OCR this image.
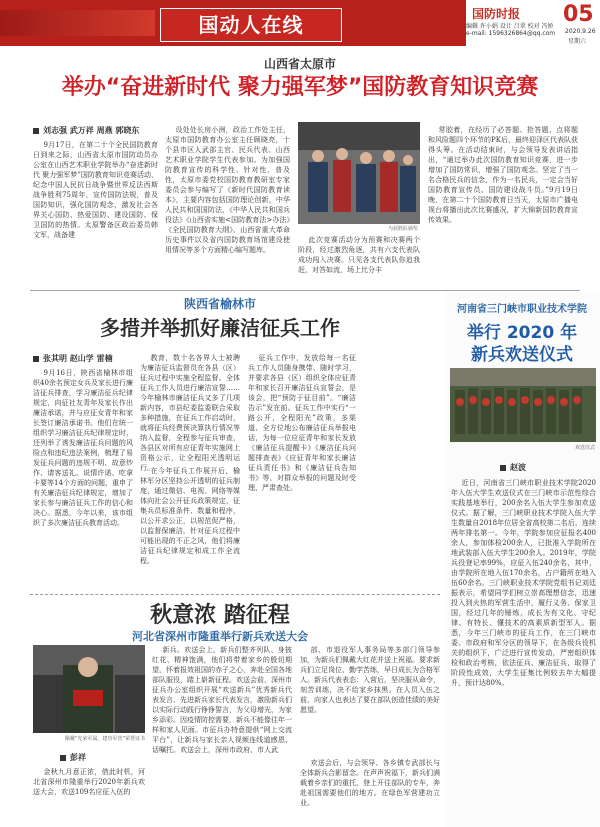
国动人在线	国防时报
编辑 许小娟 设计 吕翠 校对 冯娇
e-mail: 1596326864@qq.com
05
2020.9.26
星期六
山西省太原市
举办“奋进新时代 聚力强军梦”国防教育知识竞赛
刘志强 武万祥 周燕 郭晓东
9月17日，在第二十个全民国防教育日到来之际，山西省太原市国防动员办公室在山西艺术职业学院举办“奋进新时代 聚力强军梦”国防教育知识竞赛活动，纪念中国人民抗日战争暨世界反法西斯战争胜利75周年，宣传国防法规，普及国防知识，强化国防观念，激发社会各界关心国防、热爱国防、建设国防、保卫国防的热情。太原警备区政治委员韩文军，战备建
设处处长房小洲，政治工作处主任，太原市国防教育办公室主任顾晓亮，十个县市区人武部主官、民兵代表、山西艺术职业学院学生代表参加。为加强国防教育宣传的科学性、针对性、普及性，太原市委党校国防教育教研室专家委员会参与编写了《新时代国防教育读本》，主要内容包括国防理论创新，中华人民共和国国防法，《中华人民共和国兵役法》《山西省实施<国防教育法>办法》《全民国防教育大纲》、山西省重大革命历史事件以及省内国防教育场馆建设使用情况等多个方面精心编写题库。
为获胜队颁奖
此次竞赛活动分为预赛和决赛两个阶段，经过激烈角逐，共有六支代表队成功闯入决赛。只见各支代表队你追我赶，对答如流，场上比分丰
常胶着，在经历了必答题、抢答题、点将题和风险题四个环节的PK后，最终迎泽区代表队获得头筹。在活动结束时，与会领导发表讲话指出，“通过举办此次国防教育知识竞赛，进一步增加了国防常识，增强了国防观念。坚定了当一名合格民兵的信念，作为一名民兵，一定会当好国防教育宣传员、国防建设战斗员。”9月19日晚，在第二十个国防教育日当天，太原市广播电视台将播出此次比赛盛况，扩大锦新国防教育宣传效果。
陕西省榆林市
多措并举抓好廉洁征兵工作
张其明 赵山学 雷楠
9月16日，陕西省榆林市组织40余名预定女兵及家长进行廉洁征兵排查，学习廉洁征兵纪律规定，向征社友青年及家长作出廉洁承诺，并与应征女青年和家长签订廉洁承诺书。他们在统一组织学习廉洁征兵纪律规定时，还列举了诱发廉洁征兵问题的风险点和违纪违法案例，梳理了易发征兵问题的违规不明、故意炒作、请客送礼、说情许诺、吃拿卡要等14个方面的问题，重申了有关廉洁征兵纪律规定，增加了家长参与廉洁征兵工作的信心和决心。据悉，今年以来，该市组织了多次廉洁征兵教育活动。
教育，数十名各界人士被聘为廉洁征兵监督员在各县（区）征兵过程中实施全程监督。全体征兵工作人员进行廉洁宣誓……今年榆林市廉洁征兵又多了几项新内容，市县纪委监委联合采取多种措施，在征兵工作启动时，就将征兵经费预决算执行情况等纳入监督，全程参与征兵审查，各县区对所有应征青年实施网上资格公示，让全程阳光透明运行。
征兵工作中，发放给每一名征兵工作人员随身携带、随时学习，并要求各县（区）组织全体应征青年和家长召开廉洁征兵宣誓会，是该会，把“预防于征目前”。“廉洁告示”发在前。征兵工作中实行“一路公开，全程阳光”政策，多渠道、全方位地公布廉洁征兵举报电话，为每一位应征青年和家长发放《廉洁征兵提醒卡》《廉洁征兵问题排查表》《应征青年和家长廉洁征兵责任书》和《廉洁征兵告知书》等，对群众举报的问题及时受理、严肃查处。
在今年征兵工作展开后，榆林军分区坚持公开透明的征兵制度，通过微信、电视、网络等媒体向社会公开征兵政策规定、征集兵员标准条件、数量和程序，以公开求公正，以规范促严格，以监督保廉洁，针对征兵过程中可能出现的不正之风，他们将廉洁征兵纪律规定和成工作全流程。
河南省三门峡市职业技术学院
举行 2020 年
新兵欢送仪式
欢送仪式
赵波
近日，河南省三门峡市职业技术学院2020年入伍大学生欢送仪式在三门峡市示范性综合实践基地举行，200余名入伍大学生参加欢送仪式。据了解，三门峡职业技术学院入伍大学生数量自2018年位居全省高校第二名后，连续两年排名第一。今年，学院参加应征报名400余人，参加体检200余人，已批准入学院所在地武装部入伍大学生200余人。2019年，学院兵役登记率99%，应征入伍240余名，其中，由学院所在地入伍170余名，占户籍所在地入伍60余名。三门峡职业技术学院党组书记刘廷振表示，希望同学们树立崇高理想信念，迅速投入到火热的军营生活中，履行义务、保家卫国，经过几年的锤炼，成长为有文化、守纪律、有特长、懂技术的高素质新型军人。据悉，今年三门峡市的征兵工作，在三门峡市委、市政府和军分区的领导下，在各级兵役机关的组织下，广泛进行宣传发动，严密组织体检和政治考核，依法征兵、廉洁征兵，取得了阶段性成效，大学生征集比例较去年大幅提升，预计达80%。
秋意浓 踏征程
河北省深州市隆重举行新兵欢送大会
佩戴“光荣军属，建功军营”荣誉证书
彭祥
金秋九月意正浓，借此时机，河北省深州市隆重举行2020年新兵欢送大会，欢送109名应征入伍的
新兵。欢送会上，新兵们整齐列队、身披红花、精神饱满，他们将带着家乡的殷切期望，怀着报效祖国的赤子之心，奔赴全国各地部队服役，踏上崭新征程。欢送会前，深州市征兵办公室组织开展“欢送新兵”优秀新兵代表发言、先进新兵家长代表发言，激励新兵们以实际行动践行铮铮誓言，为父母增光，为家乡添彩。因疫情防控需要，新兵不能像往年一样和家人见面。市征兵办特意提供“网上交流平台”，让新兵与家长亲人视频连线道感恩、话嘱托。欢送会上，深州市政府、市人武
部、市退役军人事务局等多部门领导参加，为新兵们佩戴大红花并送上祝福。要求新兵们立足岗位、勤学苦练，早日成长为合格军人。新兵代表表态：入营后，坚决服从命令，刻苦训练，决不给家乡抹黑。在人员入伍之前，向家人也表达了要在部队创造佳绩的美好愿望。
欢送会后，与会领导、各乡镇专武部长与全体新兵合影留念。在声声祝福下，新兵们满载着乡亲们的重托，登上开往部队的专车，奔赴祖国需要他们的地方。在绿色军营建功立业。
